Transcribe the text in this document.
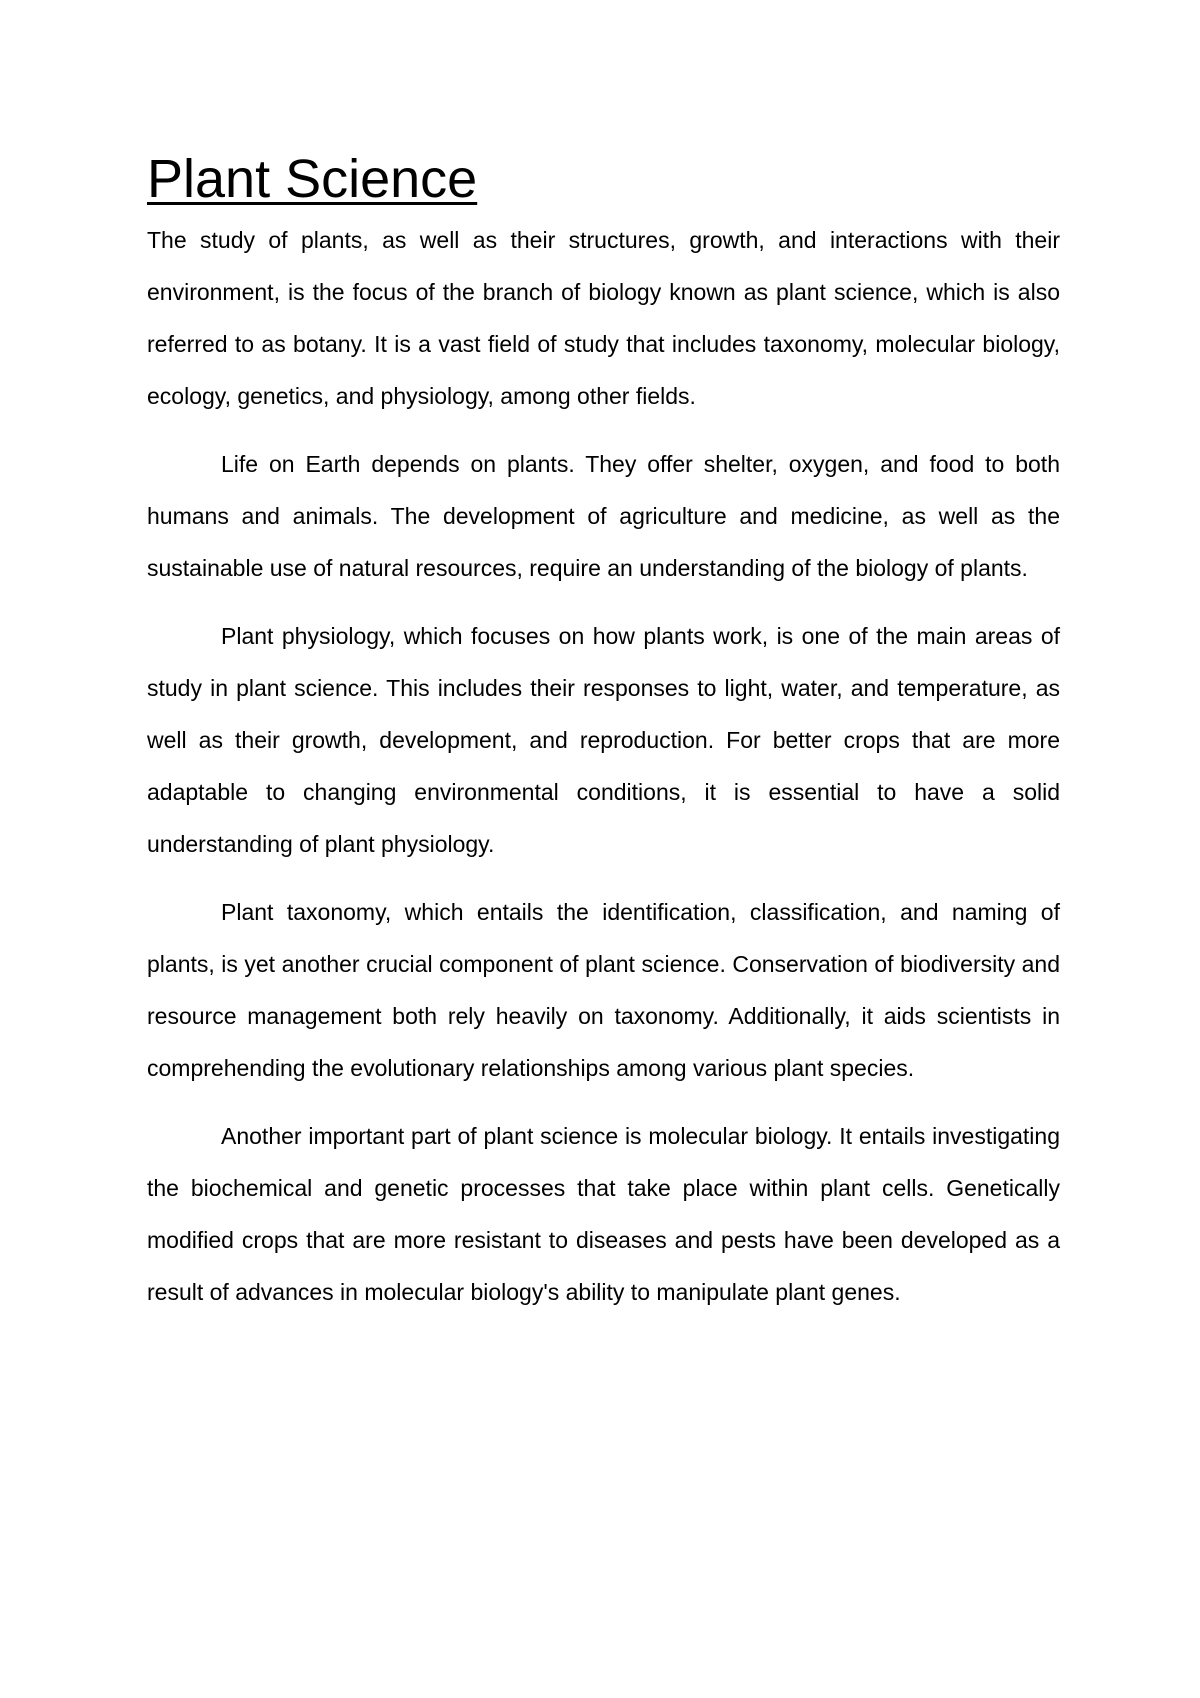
Plant Science

The study of plants, as well as their structures, growth, and interactions with their environment, is the focus of the branch of biology known as plant science, which is also referred to as botany. It is a vast field of study that includes taxonomy, molecular biology, ecology, genetics, and physiology, among other fields.

Life on Earth depends on plants. They offer shelter, oxygen, and food to both humans and animals. The development of agriculture and medicine, as well as the sustainable use of natural resources, require an understanding of the biology of plants.

Plant physiology, which focuses on how plants work, is one of the main areas of study in plant science. This includes their responses to light, water, and temperature, as well as their growth, development, and reproduction. For better crops that are more adaptable to changing environmental conditions, it is essential to have a solid understanding of plant physiology.

Plant taxonomy, which entails the identification, classification, and naming of plants, is yet another crucial component of plant science. Conservation of biodiversity and resource management both rely heavily on taxonomy. Additionally, it aids scientists in comprehending the evolutionary relationships among various plant species.

Another important part of plant science is molecular biology. It entails investigating the biochemical and genetic processes that take place within plant cells. Genetically modified crops that are more resistant to diseases and pests have been developed as a result of advances in molecular biology's ability to manipulate plant genes.
